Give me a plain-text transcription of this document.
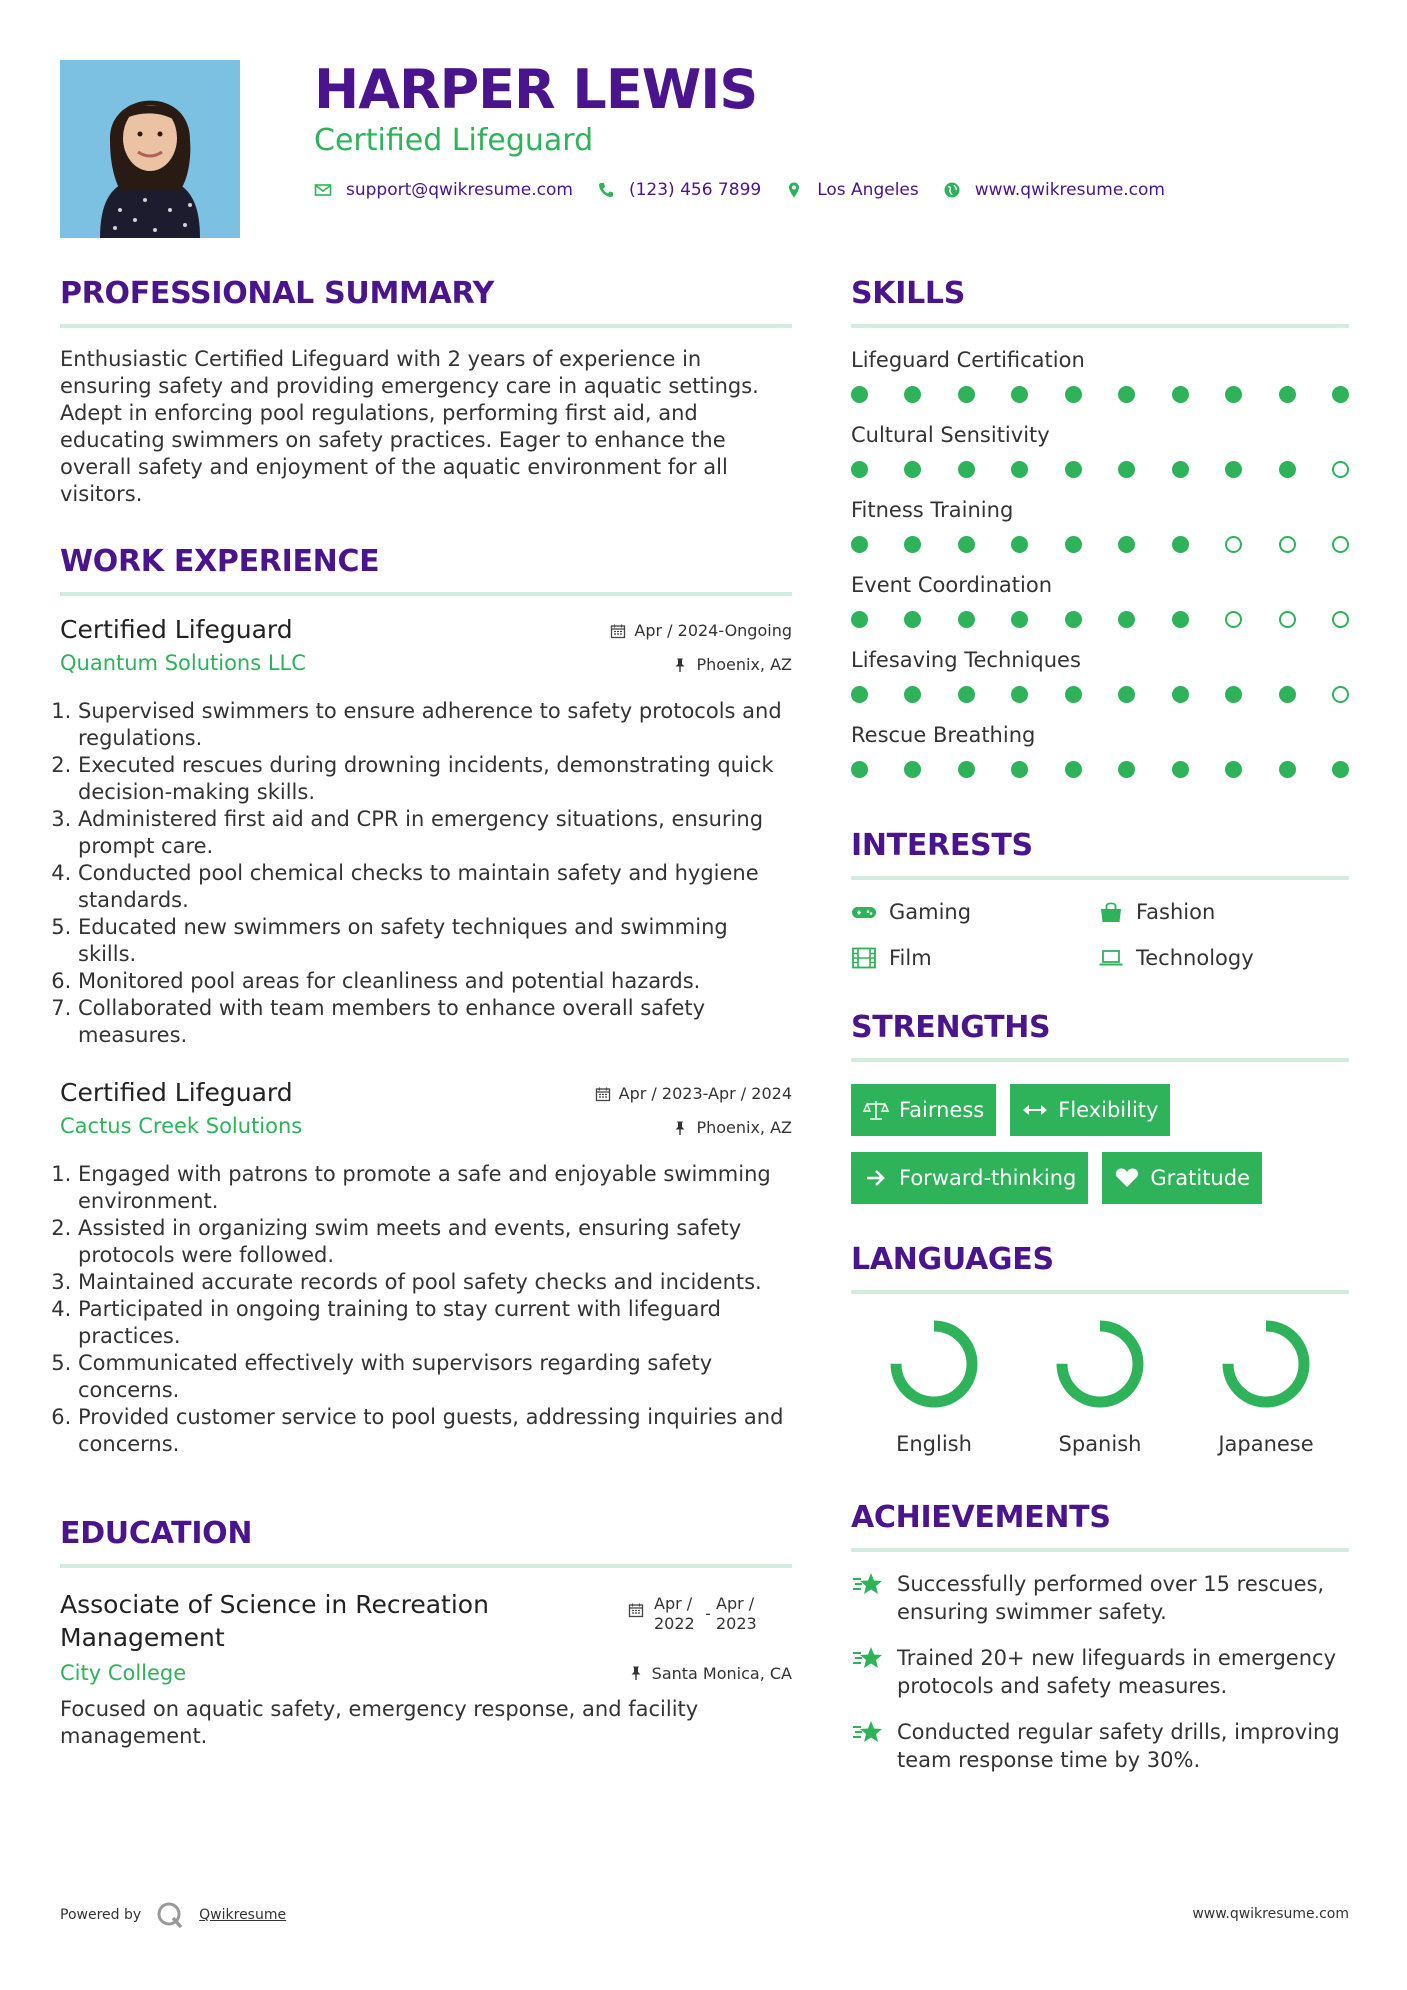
HARPER LEWIS
Certified Lifeguard
support@qwikresume.com	(123) 456 7899	Los Angeles	www.qwikresume.com
PROFESSIONAL SUMMARY
Enthusiastic Certified Lifeguard with 2 years of experience in ensuring safety and providing emergency care in aquatic settings. Adept in enforcing pool regulations, performing first aid, and educating swimmers on safety practices. Eager to enhance the overall safety and enjoyment of the aquatic environment for all visitors.
WORK EXPERIENCE
Certified Lifeguard
Quantum Solutions LLC
Apr / 2024-Ongoing
Phoenix, AZ
1. Supervised swimmers to ensure adherence to safety protocols and regulations.
2. Executed rescues during drowning incidents, demonstrating quick decision-making skills.
3. Administered first aid and CPR in emergency situations, ensuring prompt care.
4. Conducted pool chemical checks to maintain safety and hygiene standards.
5. Educated new swimmers on safety techniques and swimming skills.
6. Monitored pool areas for cleanliness and potential hazards.
7. Collaborated with team members to enhance overall safety measures.
Certified Lifeguard
Cactus Creek Solutions
Apr / 2023-Apr / 2024
Phoenix, AZ
1. Engaged with patrons to promote a safe and enjoyable swimming environment.
2. Assisted in organizing swim meets and events, ensuring safety protocols were followed.
3. Maintained accurate records of pool safety checks and incidents.
4. Participated in ongoing training to stay current with lifeguard practices.
5. Communicated effectively with supervisors regarding safety concerns.
6. Provided customer service to pool guests, addressing inquiries and concerns.
EDUCATION
Associate of Science in Recreation Management
Apr / 2022
-
Apr / 2023
City College	Santa Monica, CA
Focused on aquatic safety, emergency response, and facility management.
SKILLS
Lifeguard Certification
Cultural Sensitivity
Fitness Training
Event Coordination
Lifesaving Techniques
Rescue Breathing
INTERESTS
Gaming	Fashion
Film	Technology
STRENGTHS
Fairness	Flexibility
Forward-thinking	Gratitude
LANGUAGES
English	Spanish	Japanese
ACHIEVEMENTS
Successfully performed over 15 rescues, ensuring swimmer safety.
Trained 20+ new lifeguards in emergency protocols and safety measures.
Conducted regular safety drills, improving team response time by 30%.
Powered by	Qwikresume	www.qwikresume.com
